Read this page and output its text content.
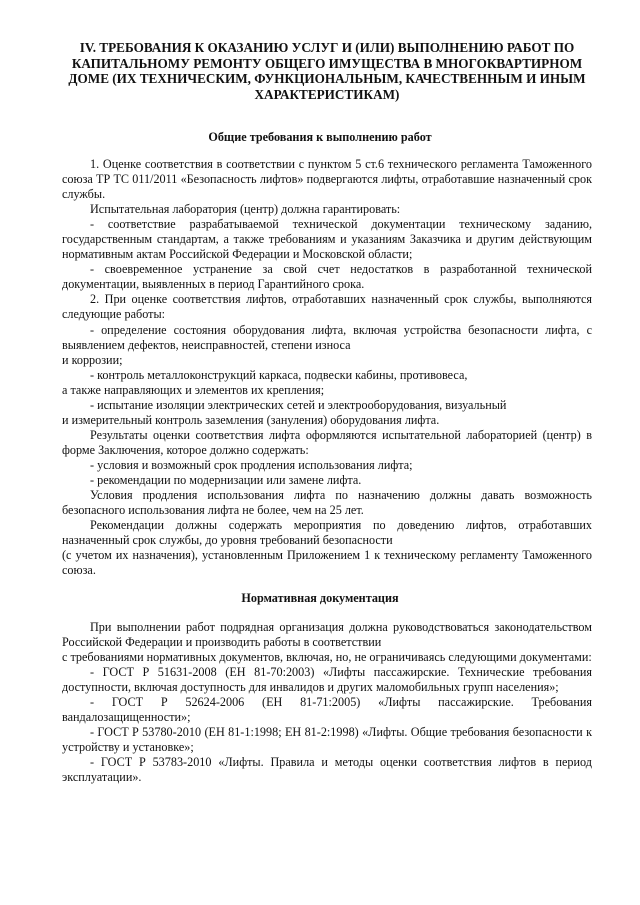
IV. ТРЕБОВАНИЯ К ОКАЗАНИЮ УСЛУГ И (ИЛИ) ВЫПОЛНЕНИЮ РАБОТ ПО КАПИТАЛЬНОМУ РЕМОНТУ ОБЩЕГО ИМУЩЕСТВА В МНОГОКВАРТИРНОМ ДОМЕ (ИХ ТЕХНИЧЕСКИМ, ФУНКЦИОНАЛЬНЫМ, КАЧЕСТВЕННЫМ И ИНЫМ ХАРАКТЕРИСТИКАМ)
Общие требования к выполнению работ

1. Оценке соответствия в соответствии с пунктом 5 ст.6 технического регламента Таможенного союза ТР ТС 011/2011 «Безопасность лифтов» подвергаются лифты, отработавшие назначенный срок службы.

Испытательная лаборатория (центр) должна гарантировать:

- соответствие разрабатываемой технической документации техническому заданию, государственным стандартам, а также требованиям и указаниям Заказчика и другим действующим нормативным актам Российской Федерации и Московской области;

- своевременное устранение за свой счет недостатков в разработанной технической документации, выявленных в период Гарантийного срока.

2. При оценке соответствия лифтов, отработавших назначенный срок службы, выполняются следующие работы:

- определение состояния оборудования лифта, включая устройства безопасности лифта, с выявлением дефектов, неисправностей, степени износа

и коррозии;

- контроль металлоконструкций каркаса, подвески кабины, противовеса,

а также направляющих и элементов их крепления;

- испытание изоляции электрических сетей и электрооборудования, визуальный

и измерительный контроль заземления (зануления) оборудования лифта.

Результаты оценки соответствия лифта оформляются испытательной лабораторией (центр) в форме Заключения, которое должно содержать:

- условия и возможный срок продления использования лифта;

- рекомендации по модернизации или замене лифта.

Условия продления использования лифта по назначению должны давать возможность безопасного использования лифта не более, чем на 25 лет.

Рекомендации должны содержать мероприятия по доведению лифтов, отработавших назначенный срок службы, до уровня требований безопасности

(с учетом их назначения), установленным Приложением 1 к техническому регламенту Таможенного союза.

Нормативная документация

При выполнении работ подрядная организация должна руководствоваться законодательством Российской Федерации и производить работы в соответствии

с требованиями нормативных документов, включая, но, не ограничиваясь следующими документами:

- ГОСТ Р 51631-2008 (ЕН 81-70:2003) «Лифты пассажирские. Технические требования доступности, включая доступность для инвалидов и других маломобильных групп населения»;

- ГОСТ Р 52624-2006 (ЕН 81-71:2005) «Лифты пассажирские. Требования вандалозащищенности»;

- ГОСТ Р 53780-2010 (ЕН 81-1:1998; ЕН 81-2:1998) «Лифты. Общие требования безопасности к устройству и установке»;

- ГОСТ Р 53783-2010 «Лифты. Правила и методы оценки соответствия лифтов в период эксплуатации».
